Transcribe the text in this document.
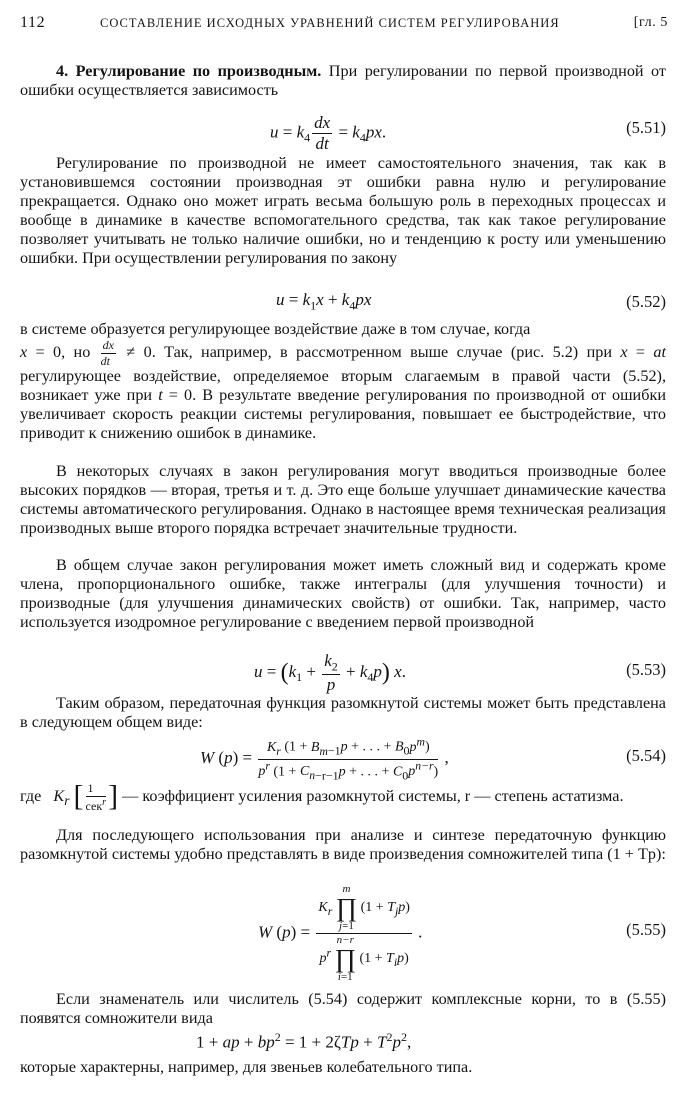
112	СОСТАВЛЕНИЕ ИСХОДНЫХ УРАВНЕНИЙ СИСТЕМ РЕГУЛИРОВАНИЯ	[гл. 5

4. Регулирование по производным. При регулировании по первой производной от ошибки осуществляется зависимость

$u = k_4 \frac{dx}{dt} = k_4px$.	(5.51)

Регулирование по производной не имеет самостоятельного значения, так как в установившемся состоянии производная эт ошибки равна нулю и регулирование прекращается. Однако оно может играть весьма большую роль в переходных процессах и вообще в динамике в качестве вспомогательного средства, так как такое регулирование позволяет учитывать не только наличие ошибки, но и тенденцию к росту или уменьшению ошибки. При осуществлении регулирования по закону

$u = k_1x + k_4px$	(5.52)

в системе образуется регулирующее воздействие даже в том случае, когда
x = 0, но $\frac{dx}{dt} \ne 0$. Так, например, в рассмотренном выше случае (рис. 5.2) при x = at регулирующее воздействие, определяемое вторым слагаемым в правой части (5.52), возникает уже при t = 0. В результате введение регулирования по производной от ошибки увеличивает скорость реакции системы регулирования, повышает ее быстродействие, что приводит к снижению ошибок в динамике.

В некоторых случаях в закон регулирования могут вводиться производные более высоких порядков — вторая, третья и т. д. Это еще больше улучшает динамические качества системы автоматического регулирования. Однако в настоящее время техническая реализация производных выше второго порядка встречает значительные трудности.

В общем случае закон регулирования может иметь сложный вид и содержать кроме члена, пропорционального ошибке, также интегралы (для улучшения точности) и производные (для улучшения динамических свойств) от ошибки. Так, например, часто используется изодромное регулирование с введением первой производной

$u = (k_1 + \frac{k_2}{p} + k_4p)$ x.	(5.53)

Таким образом, передаточная функция разомкнутой системы может быть представлена в следующем общем виде:

W $(p) = \frac{K_r (1 + B_{m-1}p + . . . + B_0p^m)}{p^r (1 + C_{n-r-1}p + . . . + C_0p^{n-r})}$ ,	(5.54)

где $K_r$ [ $\frac{1}{сек^r}$ ] — коэффициент усиления разомкнутой системы, r — степень астатизма.

Для последующего использования при анализе и синтезе передаточную функцию разомкнутой системы удобно представлять в виде произведения сомножителей типа (1 + Tp):

W $(p) = K_r$
m
∏
j=1
$(1 + T_jp)$
$p^r$
n−r
∏
i=1
$(1 + T_ip)$ .	(5.55)

Если знаменатель или числитель (5.54) содержит комплексные корни, то в (5.55) появятся сомножители вида

1 + ap + $bp^2 = 1 + 2\zeta Tp + T^2p^2$,

которые характерны, например, для звеньев колебательного типа.
